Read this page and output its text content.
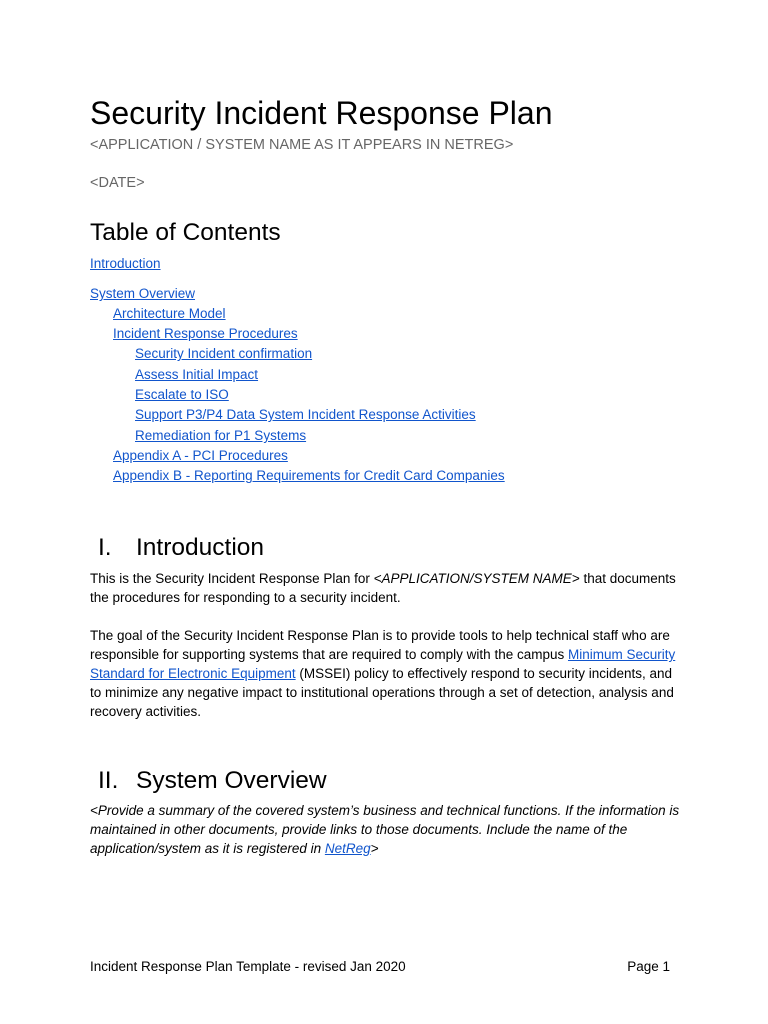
Security Incident Response Plan
<APPLICATION / SYSTEM NAME AS IT APPEARS IN NETREG>
<DATE>
Table of Contents
Introduction
System Overview
Architecture Model
Incident Response Procedures
Security Incident confirmation
Assess Initial Impact
Escalate to ISO
Support P3/P4 Data System Incident Response Activities
Remediation for P1 Systems
Appendix A - PCI Procedures
Appendix B - Reporting Requirements for Credit Card Companies
I. Introduction

This is the Security Incident Response Plan for <APPLICATION/SYSTEM NAME> that documents the procedures for responding to a security incident.

The goal of the Security Incident Response Plan is to provide tools to help technical staff who are responsible for supporting systems that are required to comply with the campus Minimum Security Standard for Electronic Equipment (MSSEI) policy to effectively respond to security incidents, and to minimize any negative impact to institutional operations through a set of detection, analysis and recovery activities.

II. System Overview

<Provide a summary of the covered system’s business and technical functions. If the information is maintained in other documents, provide links to those documents. Include the name of the application/system as it is registered in NetReg>

Incident Response Plan Template - revised Jan 2020	Page 1
